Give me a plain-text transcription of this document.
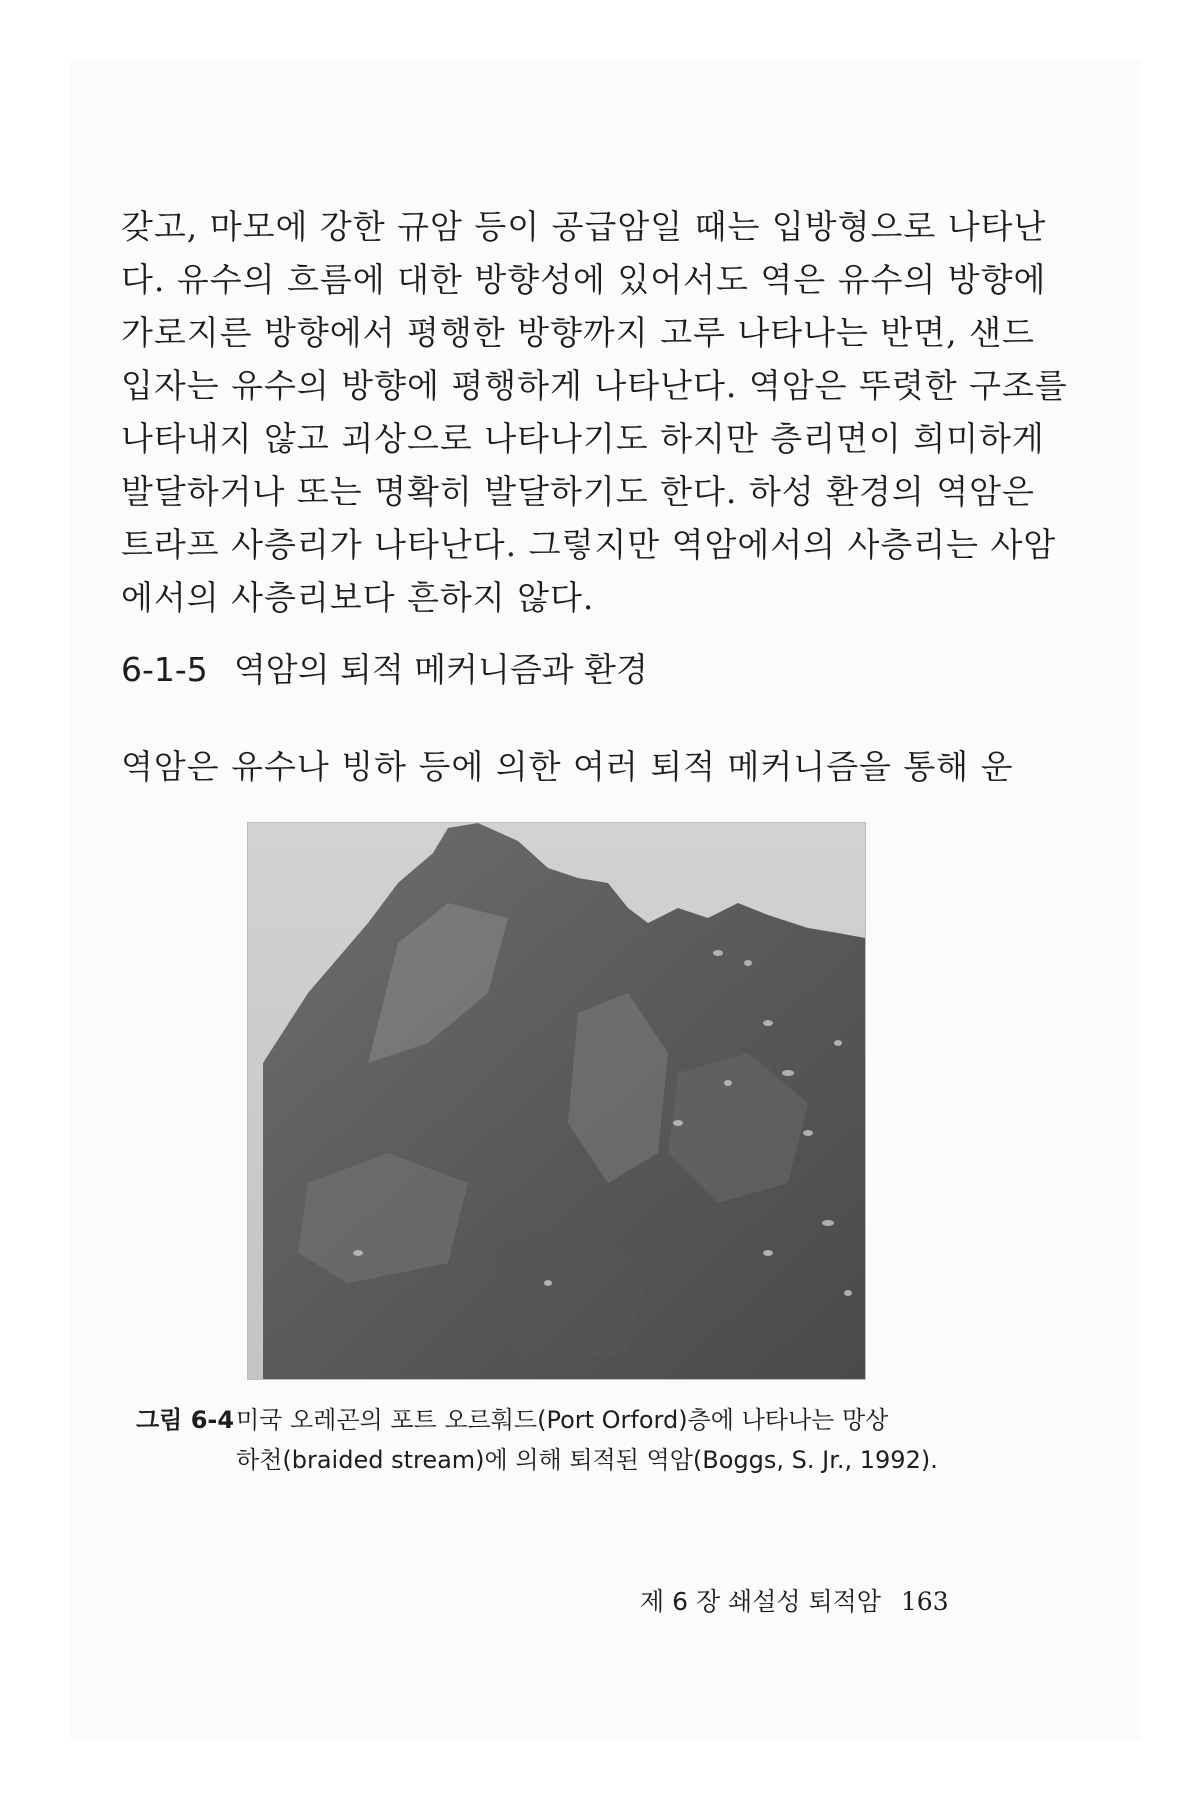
갖고, 마모에 강한 규암 등이 공급암일 때는 입방형으로 나타난
다. 유수의 흐름에 대한 방향성에 있어서도 역은 유수의 방향에
가로지른 방향에서 평행한 방향까지 고루 나타나는 반면, 샌드
입자는 유수의 방향에 평행하게 나타난다. 역암은 뚜렷한 구조를
나타내지 않고 괴상으로 나타나기도 하지만 층리면이 희미하게
발달하거나 또는 명확히 발달하기도 한다. 하성 환경의 역암은
트라프 사층리가 나타난다. 그렇지만 역암에서의 사층리는 사암
에서의 사층리보다 흔하지 않다.
6-1-5 역암의 퇴적 메커니즘과 환경
역암은 유수나 빙하 등에 의한 여러 퇴적 메커니즘을 통해 운
그림 6-4 미국 오레곤의 포트 오르훠드(Port Orford)층에 나타나는 망상
하천(braided stream)에 의해 퇴적된 역암(Boggs, S. Jr., 1992).
제 6 장 쇄설성 퇴적암 163
